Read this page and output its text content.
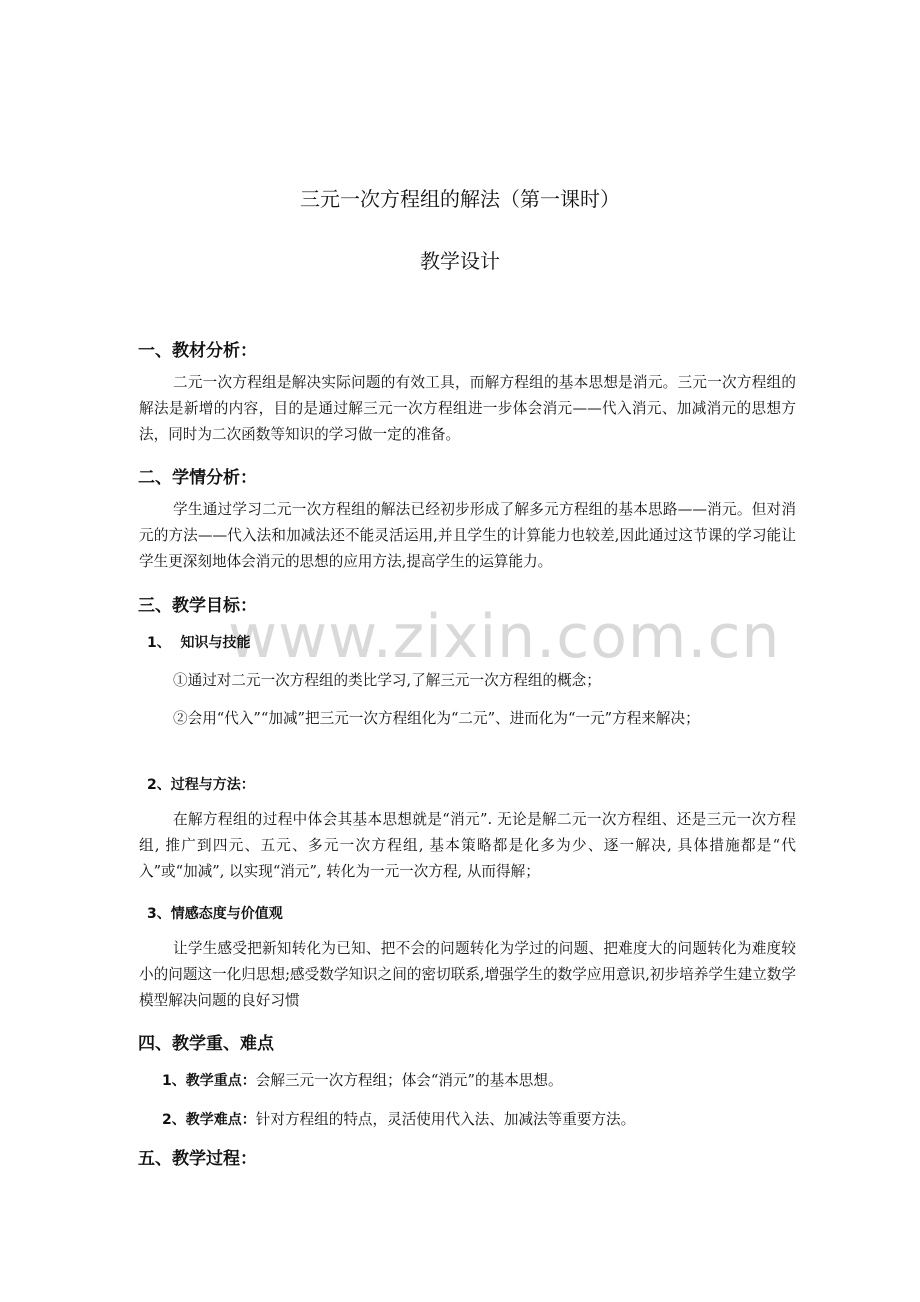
www.zixin.com.cn
三元一次方程组的解法（第一课时）
教学设计
一、教材分析：
二元一次方程组是解决实际问题的有效工具，而解方程组的基本思想是消元。三元一次方程组的解法是新增的内容，目的是通过解三元一次方程组进一步体会消元——代入消元、加减消元的思想方法，同时为二次函数等知识的学习做一定的准备。
二、学情分析：
学生通过学习二元一次方程组的解法已经初步形成了解多元方程组的基本思路——消元。但对消元的方法——代入法和加减法还不能灵活运用,并且学生的计算能力也较差,因此通过这节课的学习能让学生更深刻地体会消元的思想的应用方法,提高学生的运算能力。
三、教学目标：
1、  知识与技能
①通过对二元一次方程组的类比学习,了解三元一次方程组的概念；
②会用“代入”“加减”把三元一次方程组化为“二元”、进而化为“一元”方程来解决；
2、过程与方法：
在解方程组的过程中体会其基本思想就是“消元”. 无论是解二元一次方程组、还是三元一次方程组, 推广到四元、五元、多元一次方程组, 基本策略都是化多为少、逐一解决, 具体措施都是“代入”或“加减”, 以实现“消元”, 转化为一元一次方程, 从而得解；
3、情感态度与价值观
让学生感受把新知转化为已知、把不会的问题转化为学过的问题、把难度大的问题转化为难度较小的问题这一化归思想;感受数学知识之间的密切联系,增强学生的数学应用意识,初步培养学生建立数学模型解决问题的良好习惯
四、教学重、难点
1、教学重点：会解三元一次方程组；体会“消元”的基本思想。
2、教学难点：针对方程组的特点，灵活使用代入法、加减法等重要方法。
五、教学过程：
